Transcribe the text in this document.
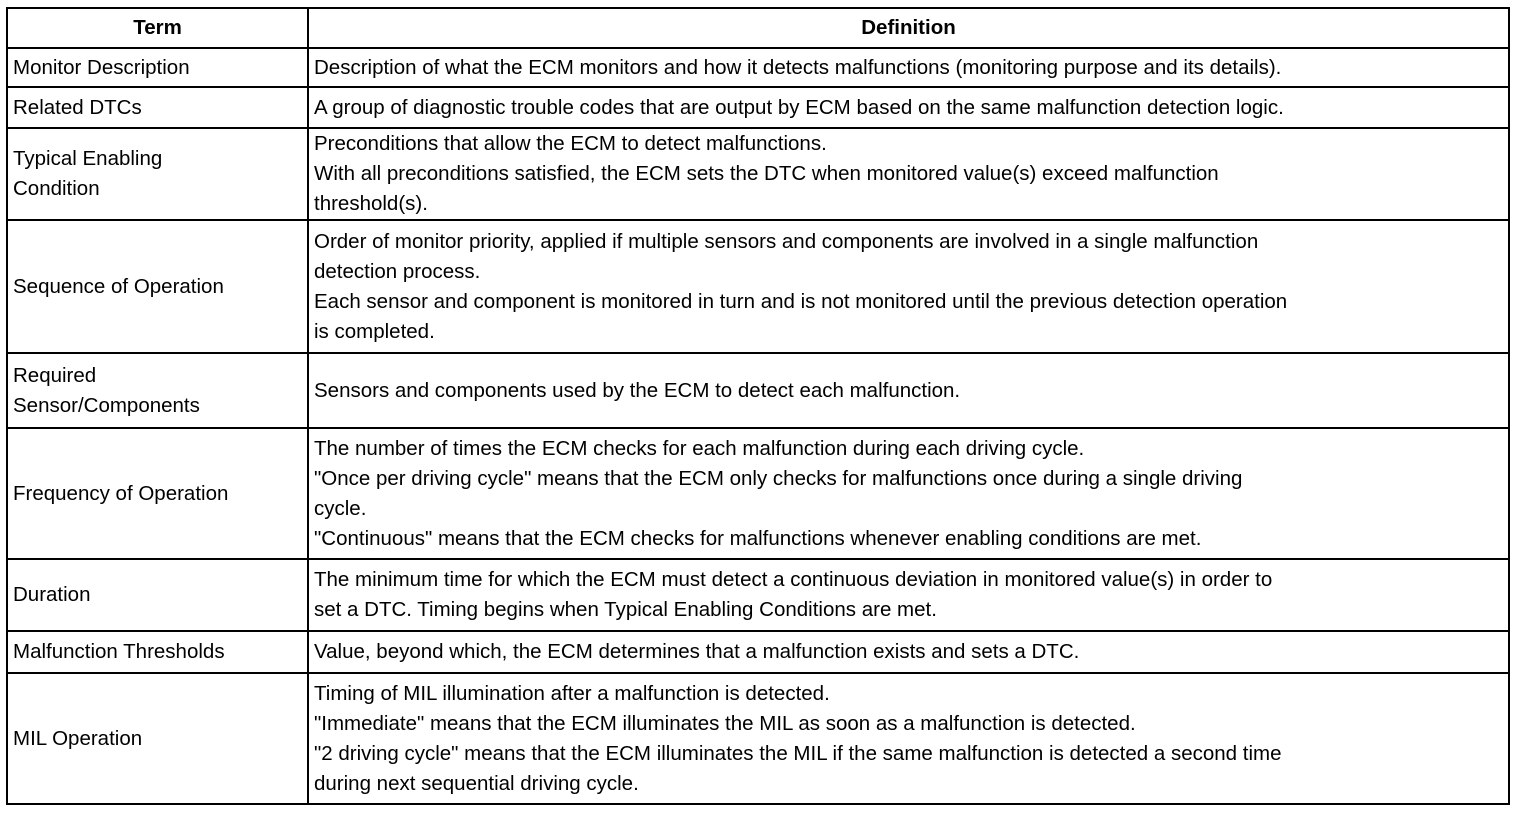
Term	Definition
Monitor Description	Description of what the ECM monitors and how it detects malfunctions (monitoring purpose and its details).

Related DTCs	A group of diagnostic trouble codes that are output by ECM based on the same malfunction detection logic.

Typical Enabling
Condition	Preconditions that allow the ECM to detect malfunctions.
With all preconditions satisfied, the ECM sets the DTC when monitored value(s) exceed malfunction
threshold(s).

Sequence of Operation	Order of monitor priority, applied if multiple sensors and components are involved in a single malfunction
detection process.
Each sensor and component is monitored in turn and is not monitored until the previous detection operation
is completed.

Required
Sensor/Components	Sensors and components used by the ECM to detect each malfunction.

Frequency of Operation	The number of times the ECM checks for each malfunction during each driving cycle.
"Once per driving cycle" means that the ECM only checks for malfunctions once during a single driving
cycle.
"Continuous" means that the ECM checks for malfunctions whenever enabling conditions are met.

Duration	The minimum time for which the ECM must detect a continuous deviation in monitored value(s) in order to
set a DTC. Timing begins when Typical Enabling Conditions are met.

Malfunction Thresholds	Value, beyond which, the ECM determines that a malfunction exists and sets a DTC.

MIL Operation	Timing of MIL illumination after a malfunction is detected.
"Immediate" means that the ECM illuminates the MIL as soon as a malfunction is detected.
"2 driving cycle" means that the ECM illuminates the MIL if the same malfunction is detected a second time
during next sequential driving cycle.
